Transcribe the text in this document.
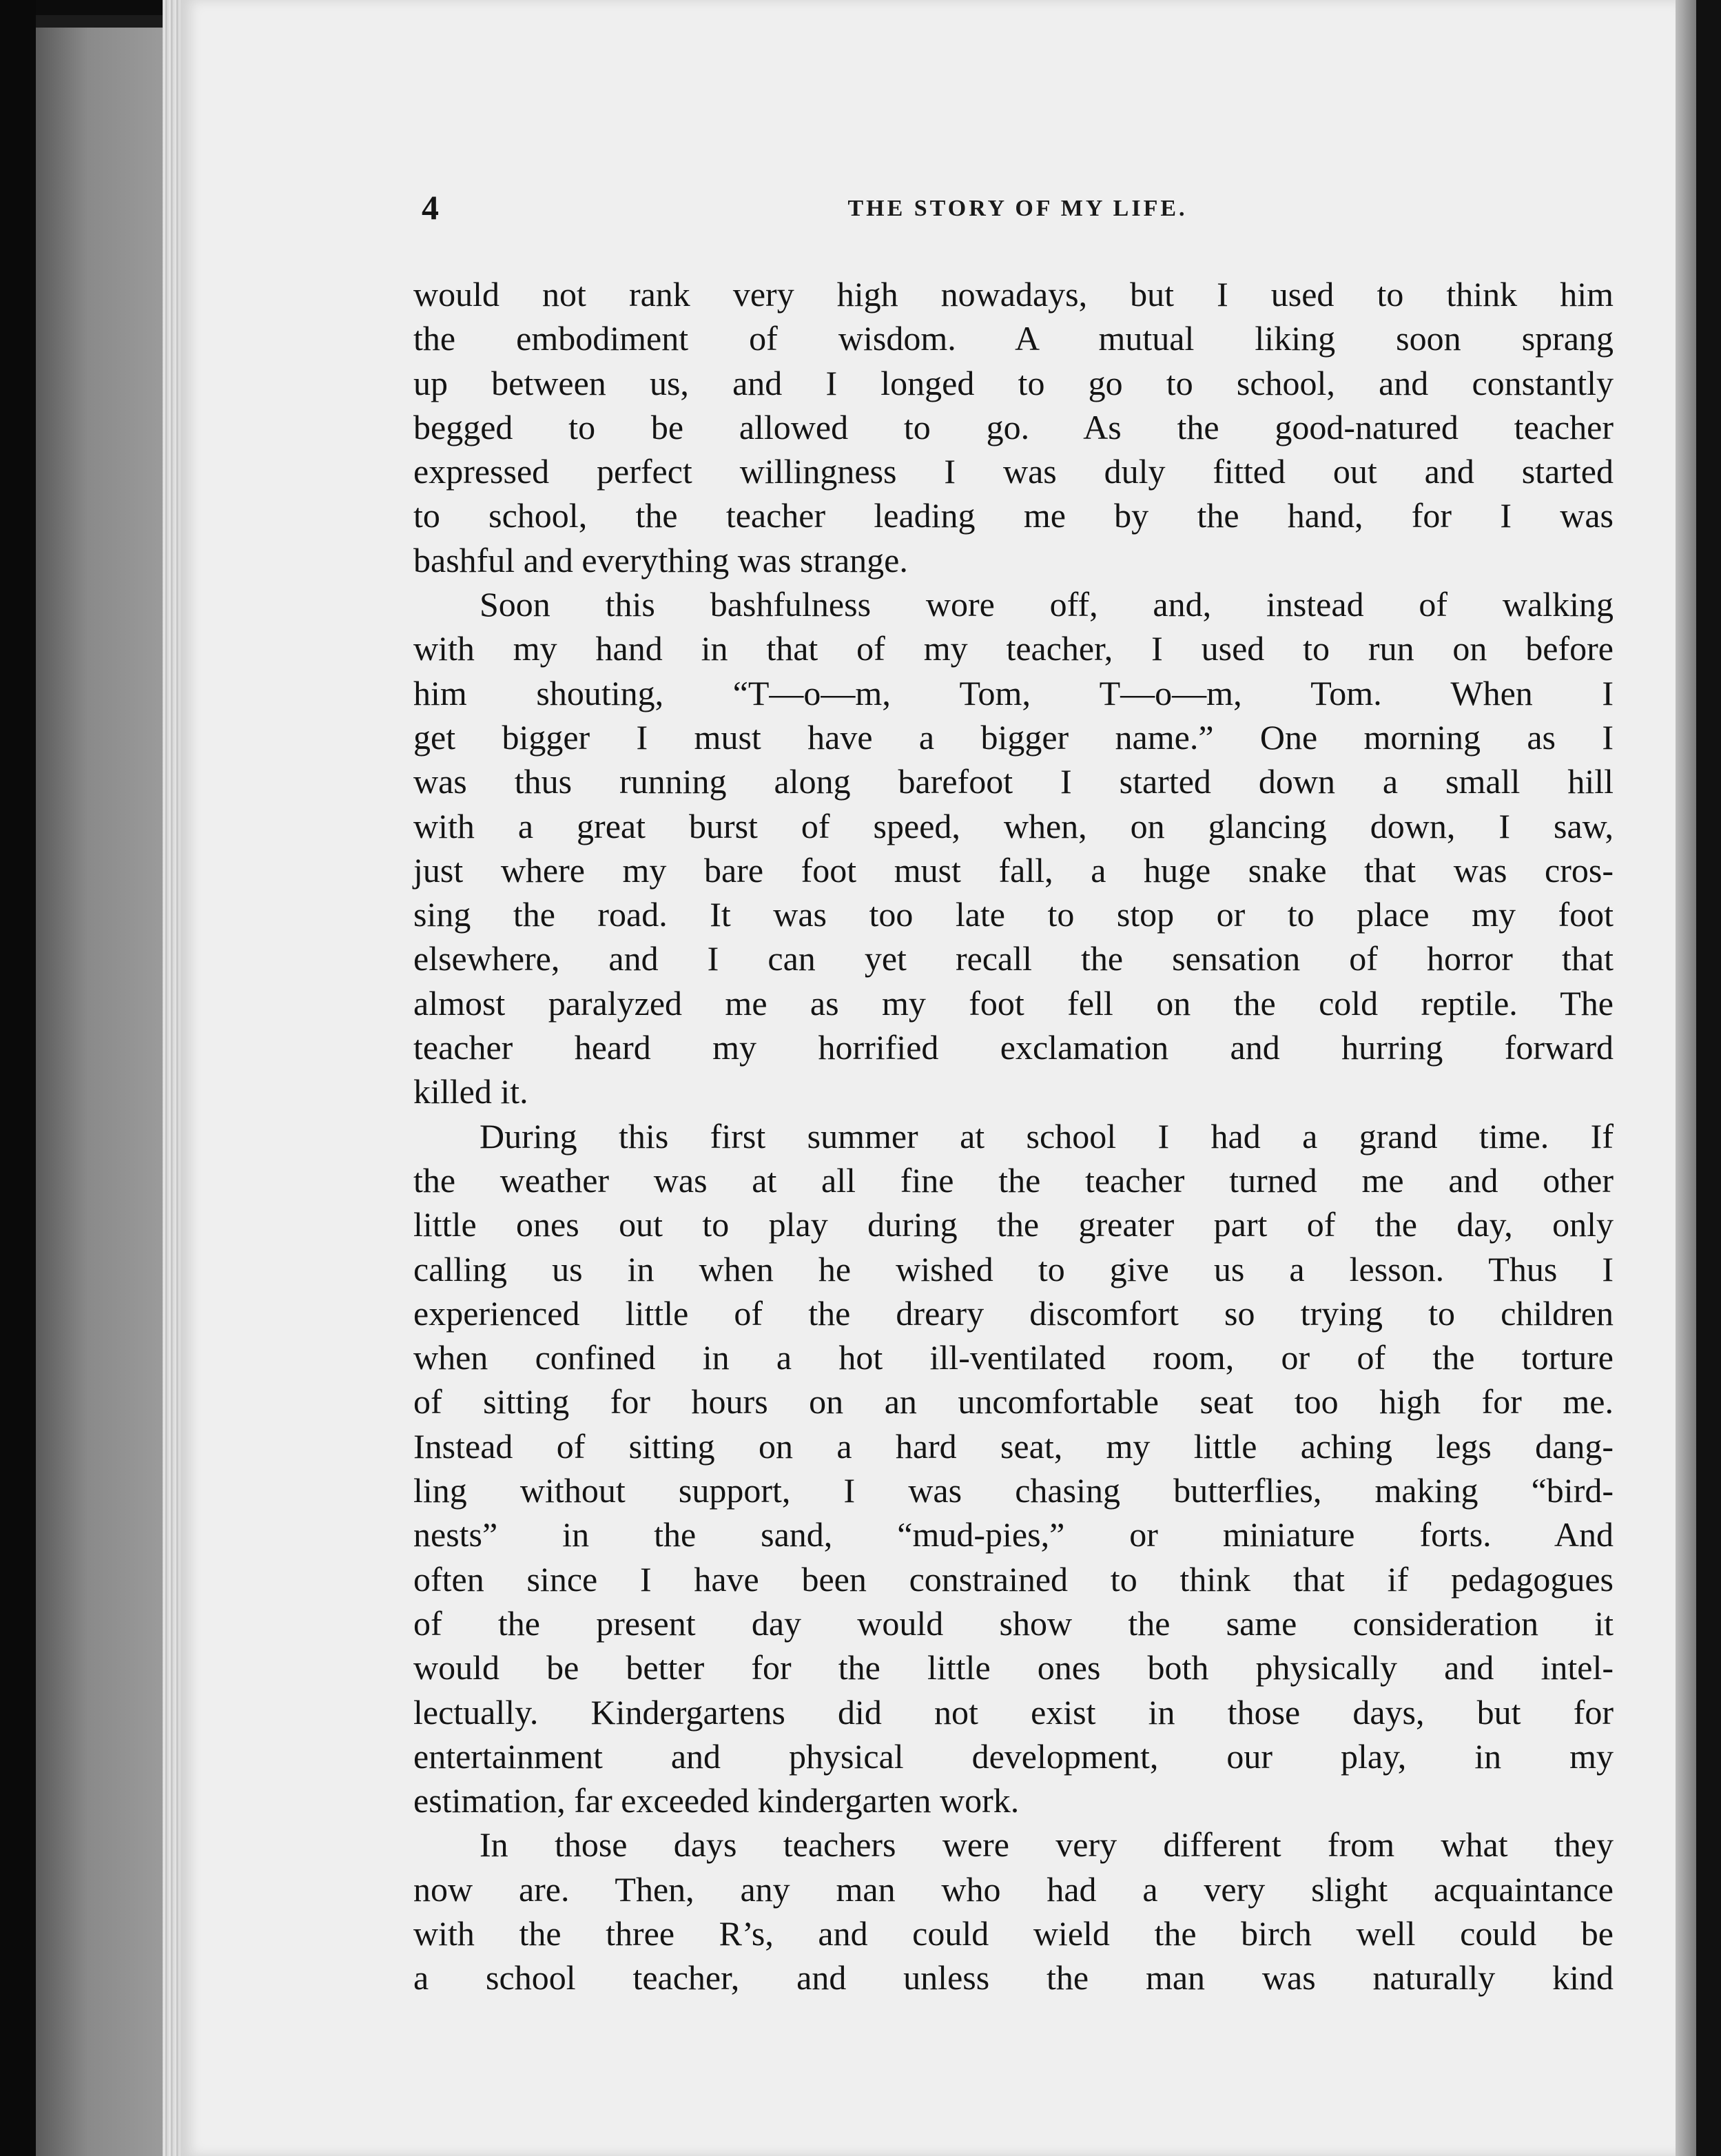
4	THE STORY OF MY LIFE.
would not rank very high nowadays, but I used to think him
the embodiment of wisdom. A mutual liking soon sprang
up between us, and I longed to go to school, and constantly
begged to be allowed to go. As the good-natured teacher
expressed perfect willingness I was duly fitted out and started
to school, the teacher leading me by the hand, for I was
bashful and everything was strange.
Soon this bashfulness wore off, and, instead of walking
with my hand in that of my teacher, I used to run on before
him shouting, “T—o—m, Tom, T—o—m, Tom. When I
get bigger I must have a bigger name.” One morning as I
was thus running along barefoot I started down a small hill
with a great burst of speed, when, on glancing down, I saw,
just where my bare foot must fall, a huge snake that was cros-
sing the road. It was too late to stop or to place my foot
elsewhere, and I can yet recall the sensation of horror that
almost paralyzed me as my foot fell on the cold reptile. The
teacher heard my horrified exclamation and hurring forward
killed it.
During this first summer at school I had a grand time. If
the weather was at all fine the teacher turned me and other
little ones out to play during the greater part of the day, only
calling us in when he wished to give us a lesson. Thus I
experienced little of the dreary discomfort so trying to children
when confined in a hot ill-ventilated room, or of the torture
of sitting for hours on an uncomfortable seat too high for me.
Instead of sitting on a hard seat, my little aching legs dang-
ling without support, I was chasing butterflies, making “bird-
nests” in the sand, “mud-pies,” or miniature forts. And
often since I have been constrained to think that if pedagogues
of the present day would show the same consideration it
would be better for the little ones both physically and intel-
lectually. Kindergartens did not exist in those days, but for
entertainment and physical development, our play, in my
estimation, far exceeded kindergarten work.
In those days teachers were very different from what they
now are. Then, any man who had a very slight acquaintance
with the three R’s, and could wield the birch well could be
a school teacher, and unless the man was naturally kind
